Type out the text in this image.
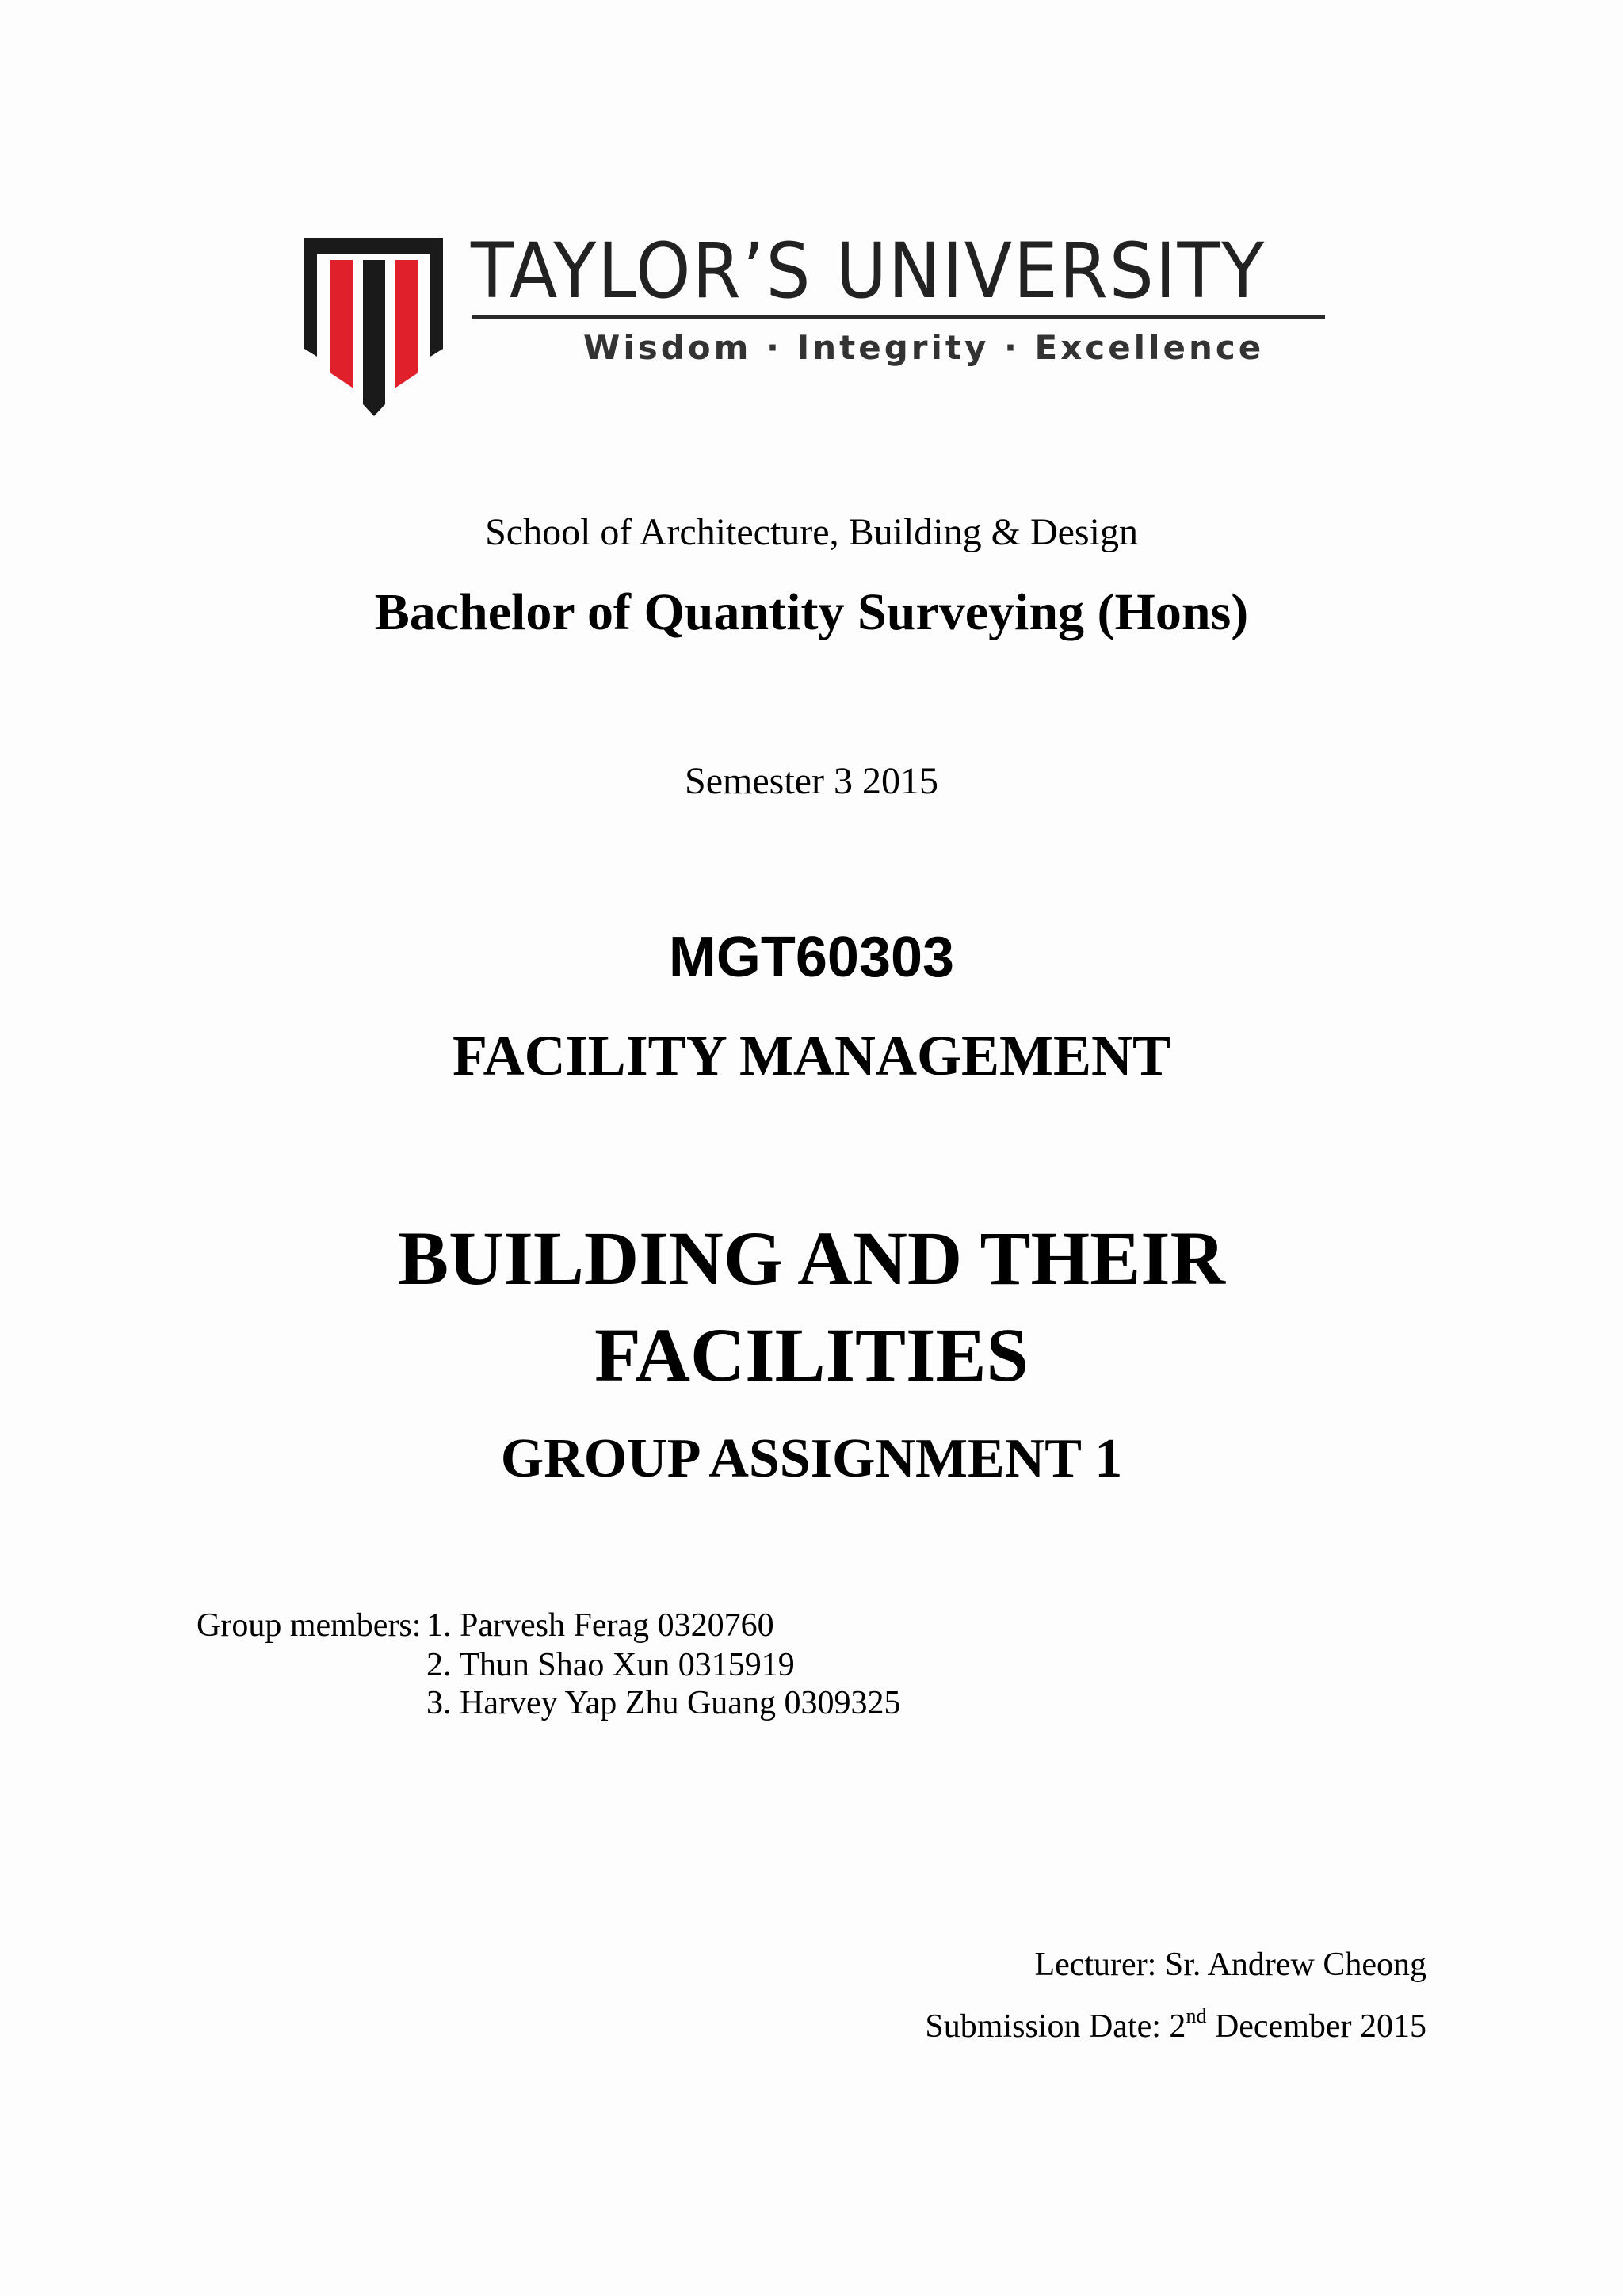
TAYLOR’S UNIVERSITY
Wisdom · Integrity · Excellence
School of Architecture, Building & Design
Bachelor of Quantity Surveying (Hons)
Semester 3 2015
MGT60303
FACILITY MANAGEMENT
BUILDING AND THEIR
FACILITIES
GROUP ASSIGNMENT 1
Group members: 1. Parvesh Ferag 0320760
2. Thun Shao Xun 0315919
3. Harvey Yap Zhu Guang 0309325
Lecturer: Sr. Andrew Cheong
Submission Date: 2nd December 2015
